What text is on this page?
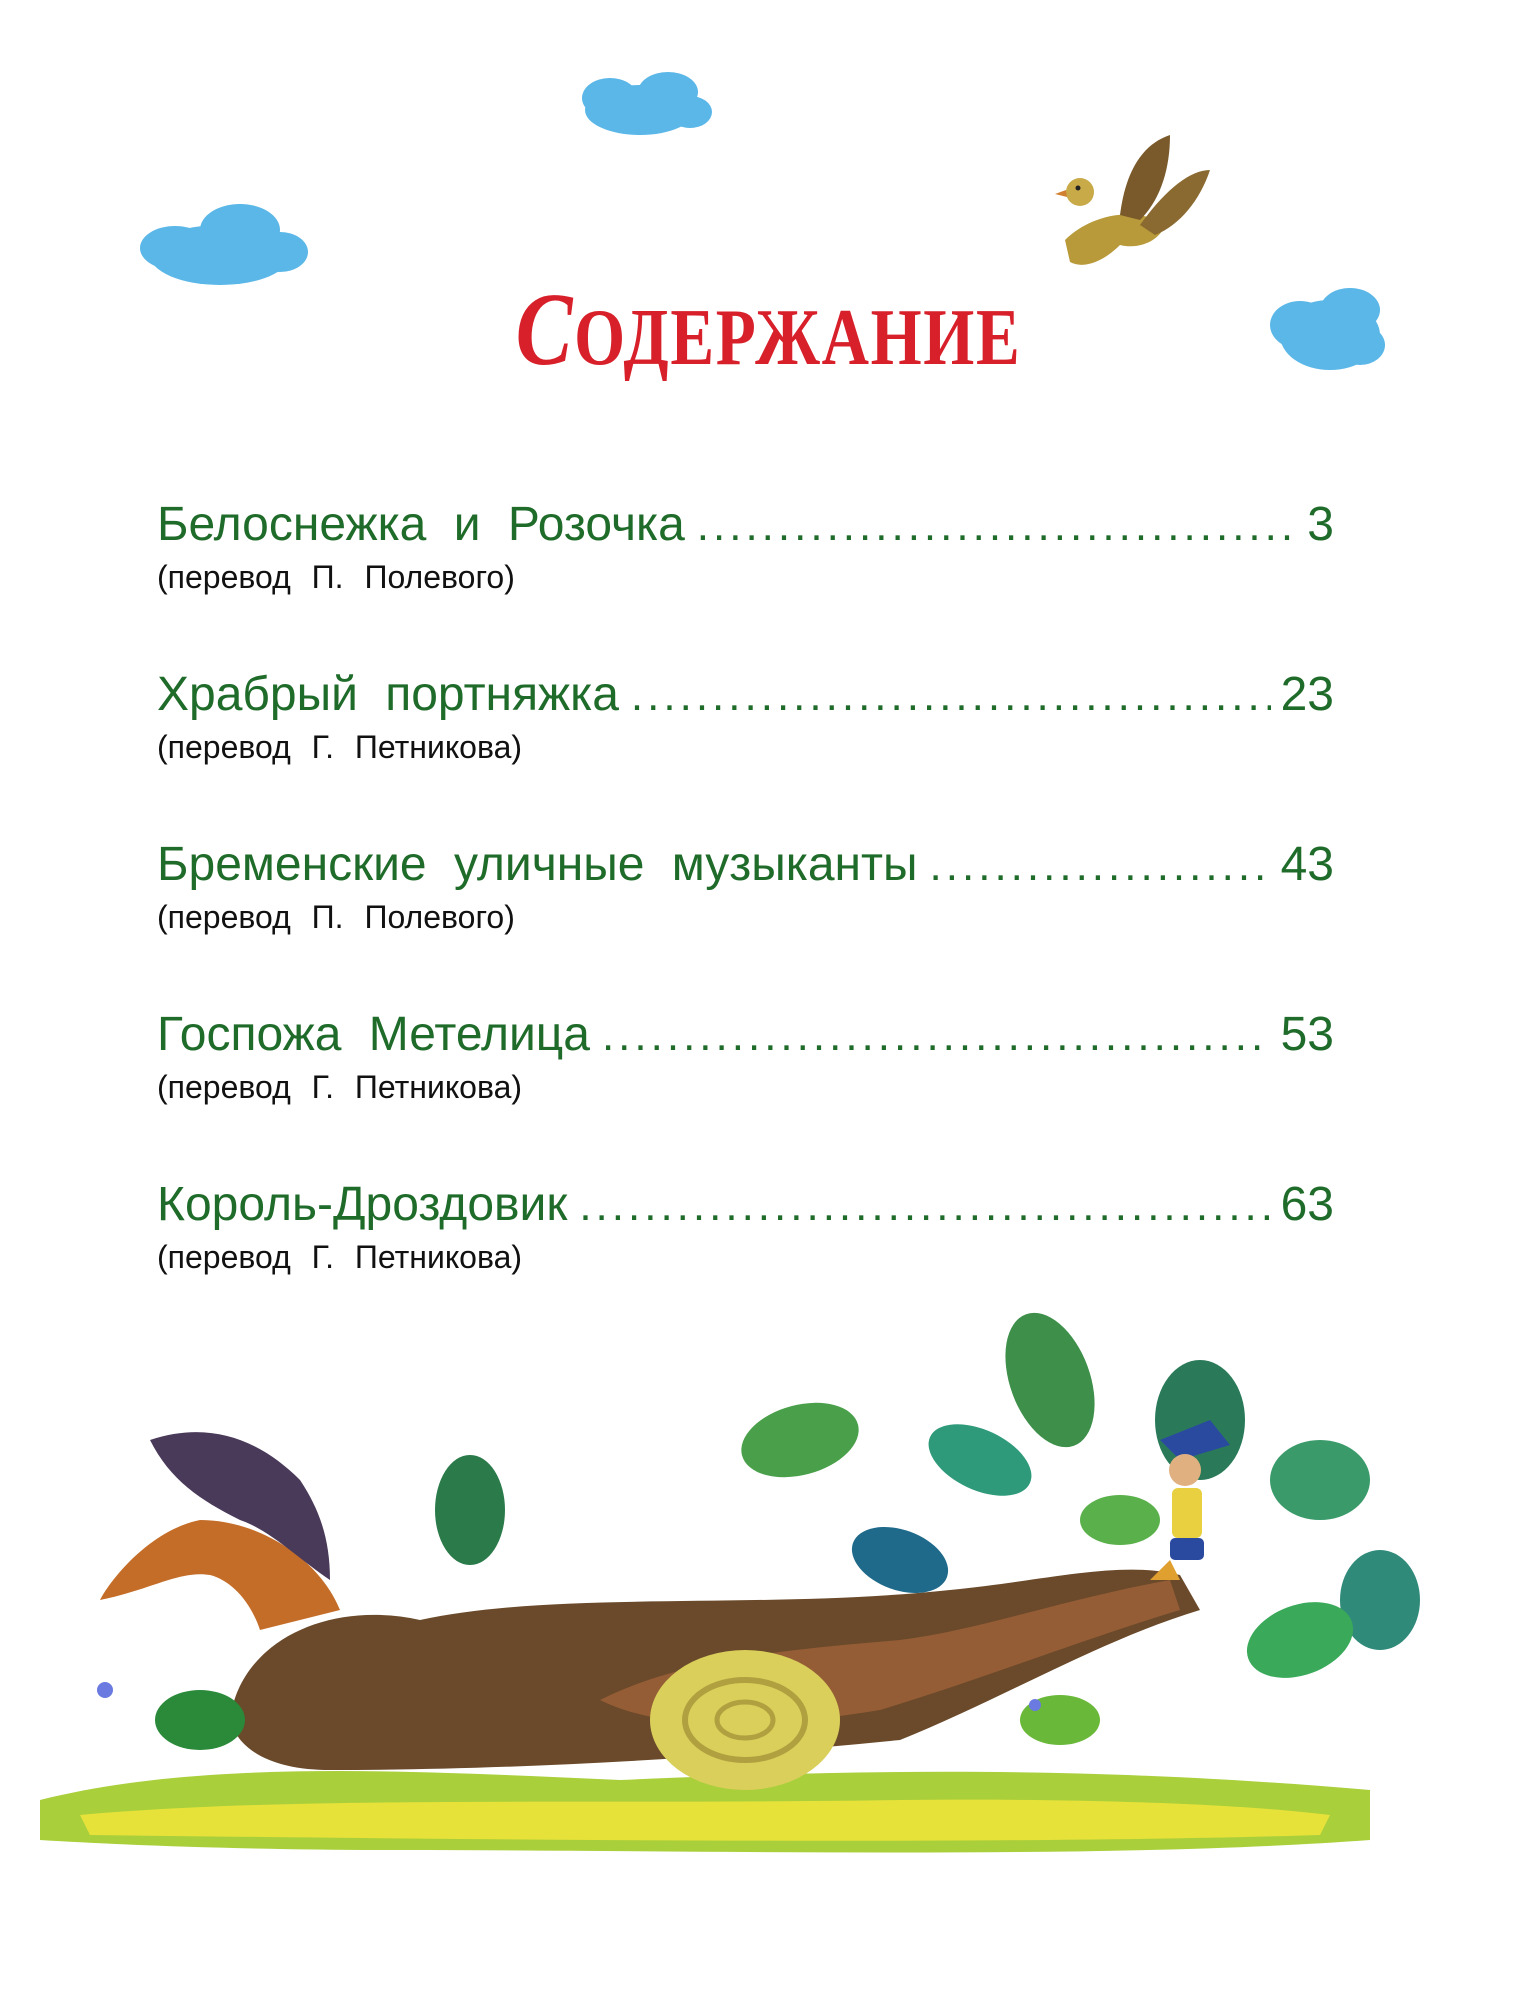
СОДЕРЖАНИЕ
Белоснежка и Розочка .....	3
(перевод П. Полевого)
Храбрый портняжка .....	23
(перевод Г. Петникова)
Бременские уличные музыканты .....	43
(перевод П. Полевого)
Госпожа Метелица .....	53
(перевод Г. Петникова)
Король-Дроздовик .....	63
(перевод Г. Петникова)
